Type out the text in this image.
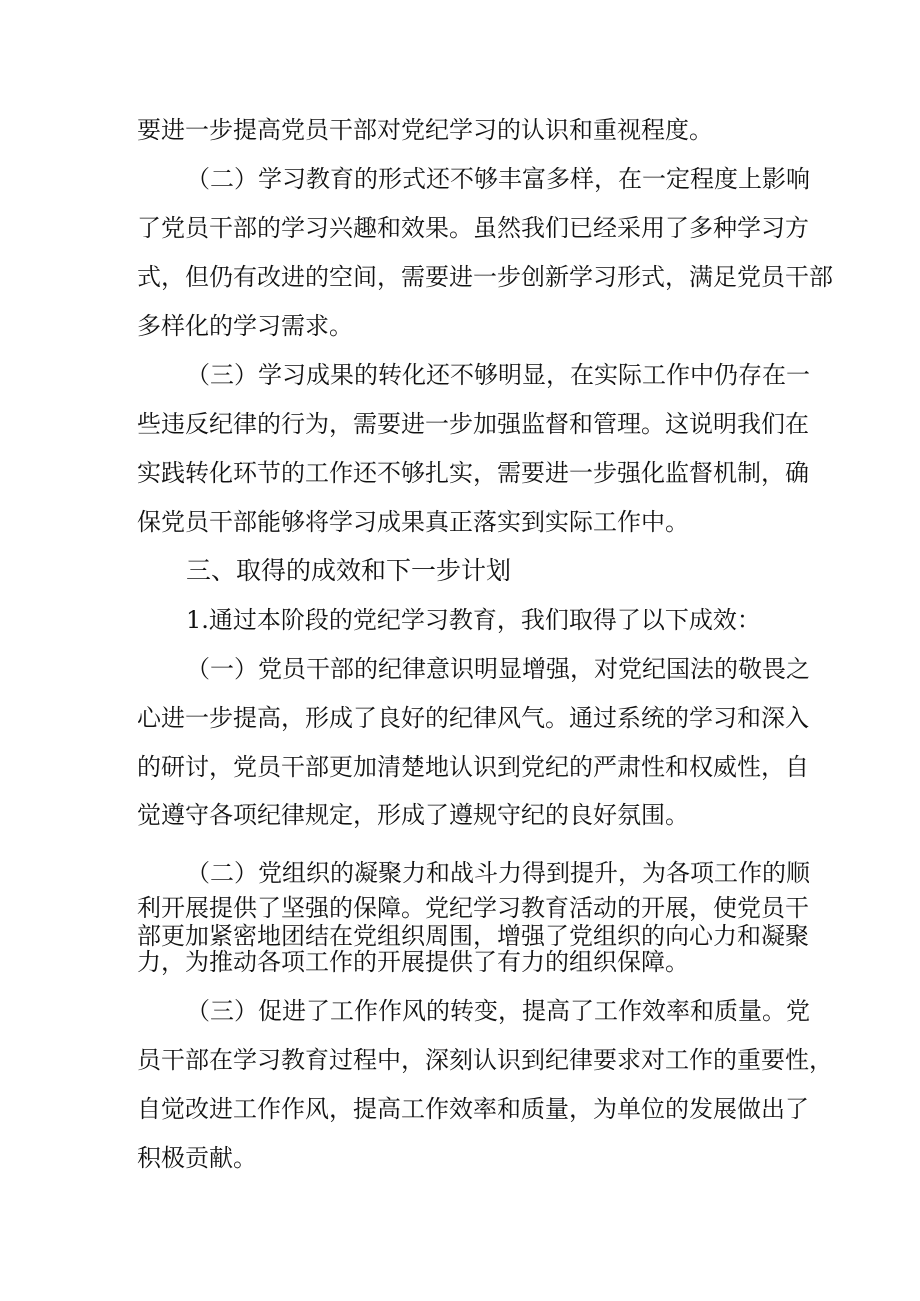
要进一步提高党员干部对党纪学习的认识和重视程度。
（二）学习教育的形式还不够丰富多样，在一定程度上影响
了党员干部的学习兴趣和效果。虽然我们已经采用了多种学习方
式，但仍有改进的空间，需要进一步创新学习形式，满足党员干部
多样化的学习需求。
（三）学习成果的转化还不够明显，在实际工作中仍存在一
些违反纪律的行为，需要进一步加强监督和管理。这说明我们在
实践转化环节的工作还不够扎实，需要进一步强化监督机制，确
保党员干部能够将学习成果真正落实到实际工作中。
三、取得的成效和下一步计划
1.通过本阶段的党纪学习教育，我们取得了以下成效：
（一）党员干部的纪律意识明显增强，对党纪国法的敬畏之
心进一步提高，形成了良好的纪律风气。通过系统的学习和深入
的研讨，党员干部更加清楚地认识到党纪的严肃性和权威性，自
觉遵守各项纪律规定，形成了遵规守纪的良好氛围。
（二）党组织的凝聚力和战斗力得到提升，为各项工作的顺
利开展提供了坚强的保障。党纪学习教育活动的开展，使党员干
部更加紧密地团结在党组织周围，增强了党组织的向心力和凝聚
力，为推动各项工作的开展提供了有力的组织保障。
（三）促进了工作作风的转变，提高了工作效率和质量。党
员干部在学习教育过程中，深刻认识到纪律要求对工作的重要性，
自觉改进工作作风，提高工作效率和质量，为单位的发展做出了
积极贡献。
